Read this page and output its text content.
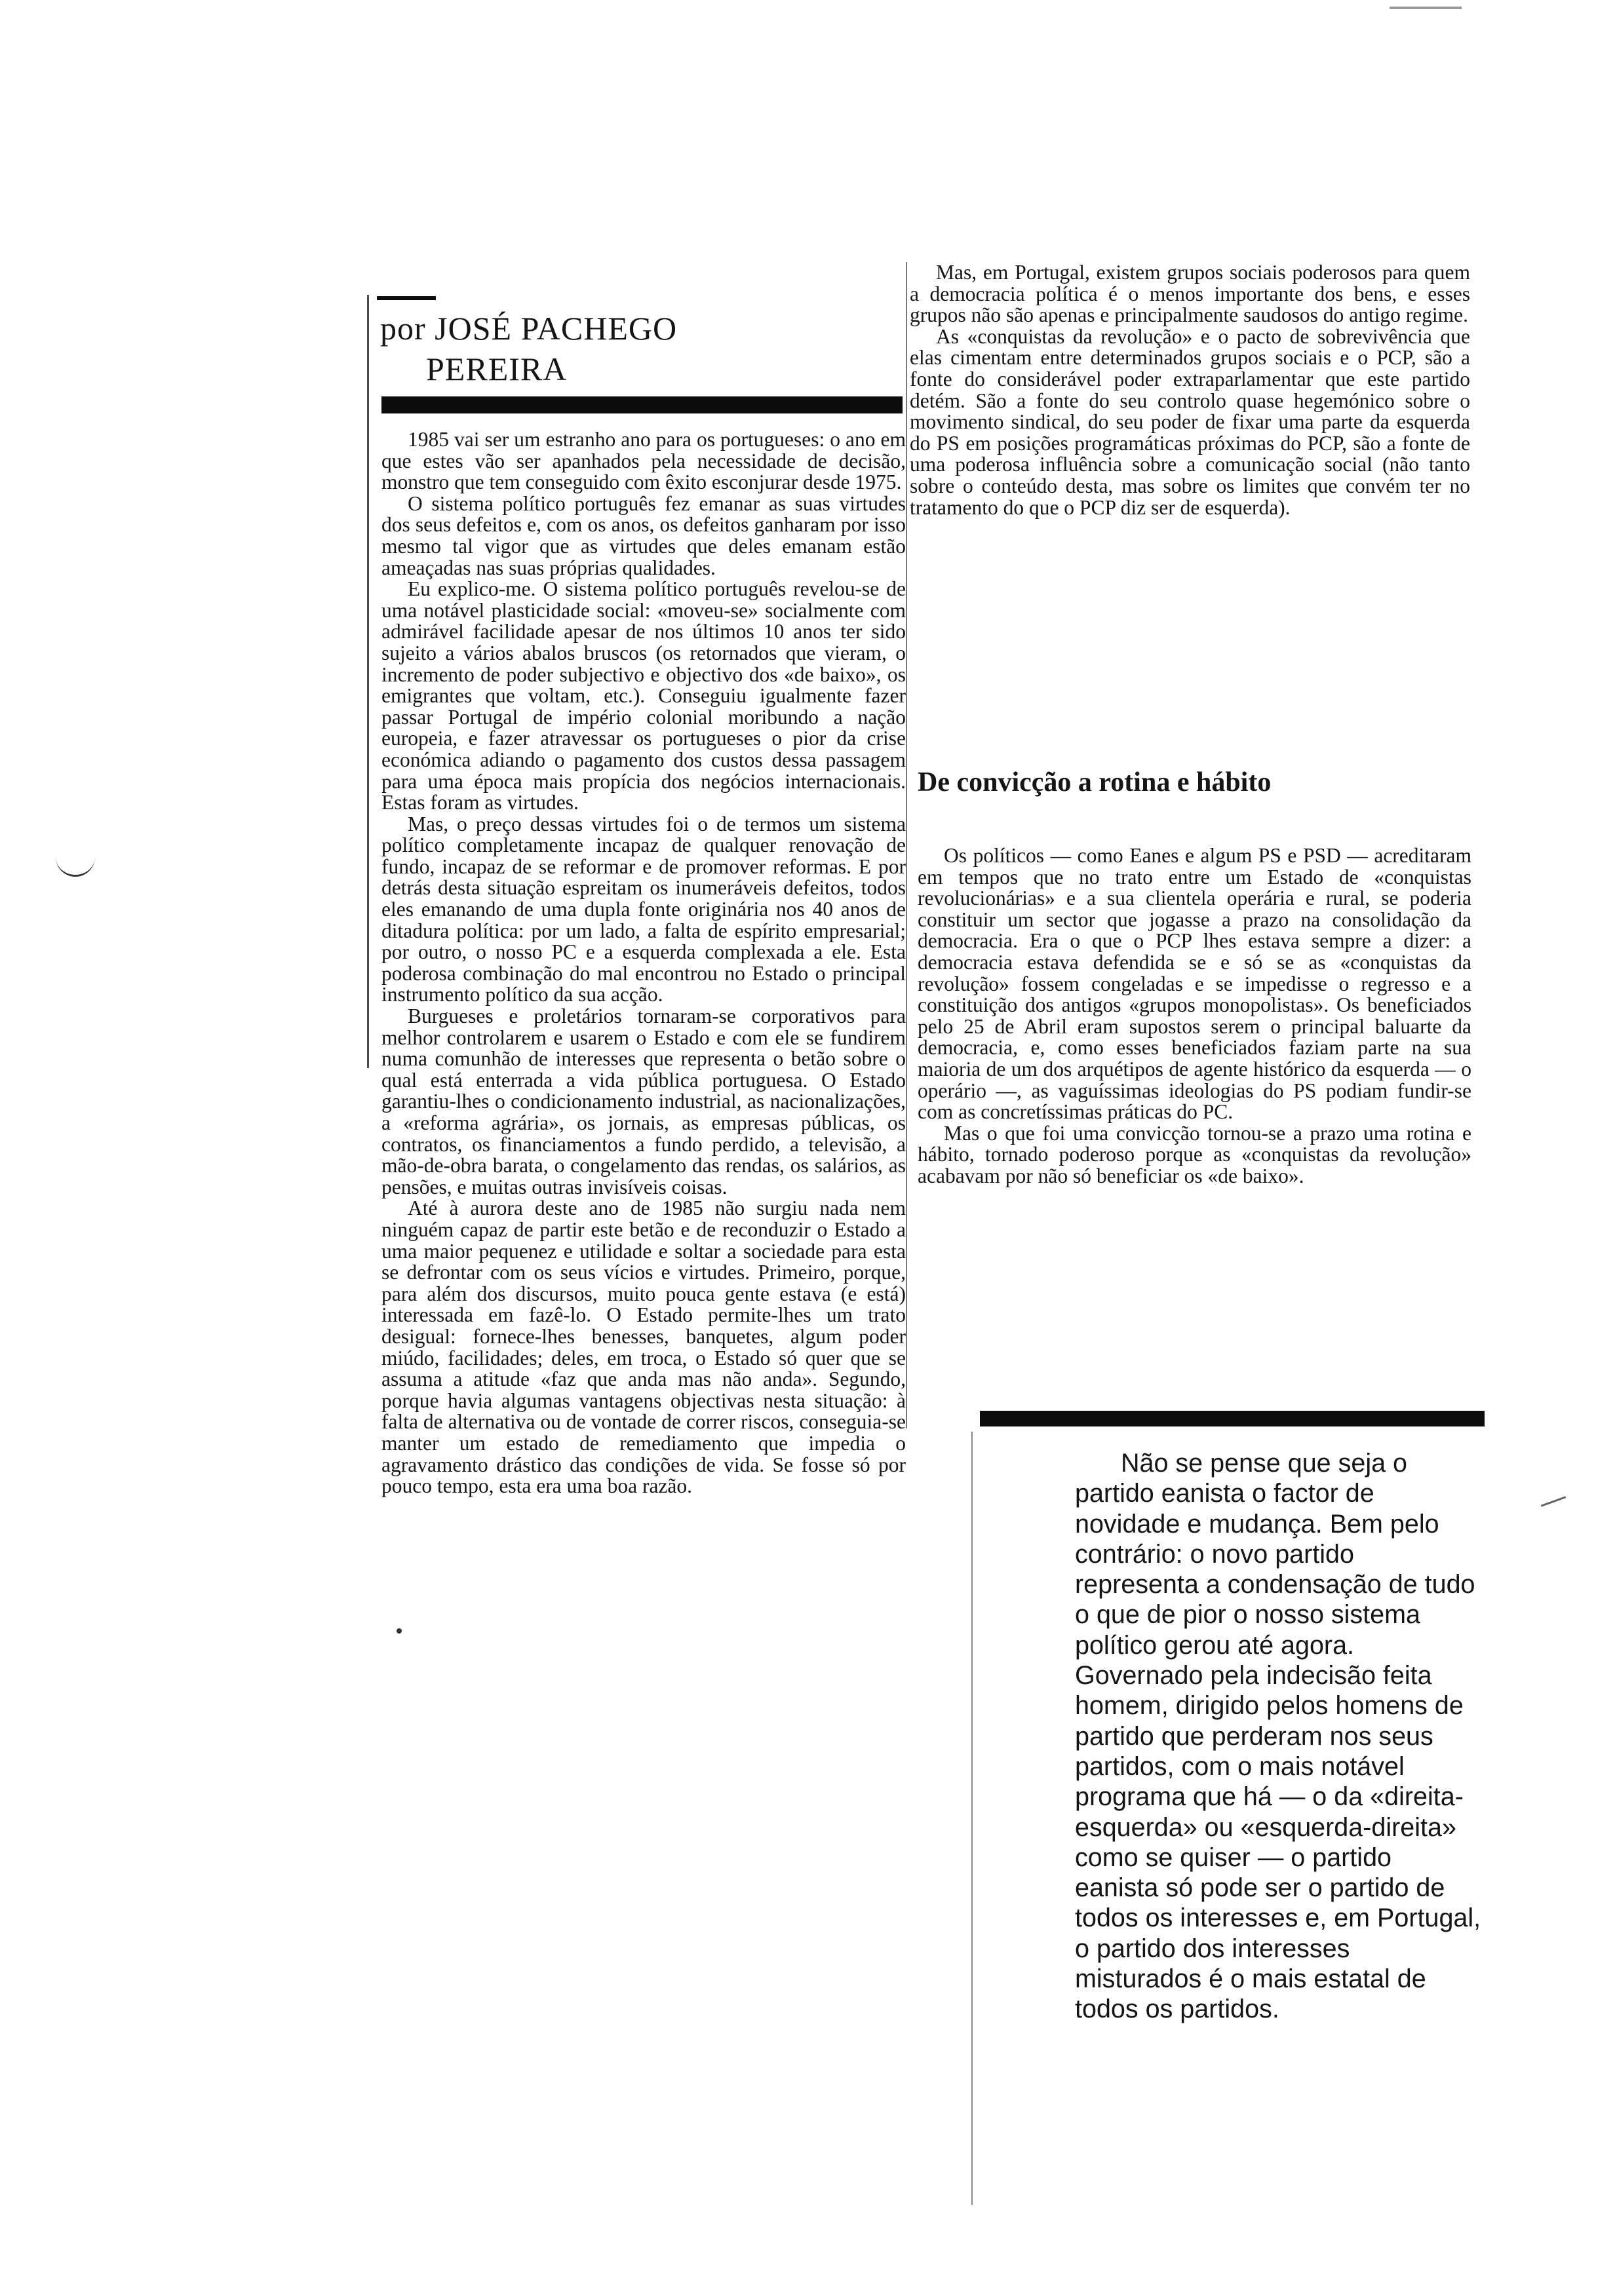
por JOSÉ PACHEGO
PEREIRA

1985 vai ser um estranho ano para os portugueses: o ano em que estes vão ser apanhados pela necessidade de decisão, monstro que tem conseguido com êxito esconjurar desde 1975.

O sistema político português fez emanar as suas virtudes dos seus defeitos e, com os anos, os defeitos ganharam por isso mesmo tal vigor que as virtudes que deles emanam estão ameaçadas nas suas próprias qualidades.

Eu explico-me. O sistema político português revelou-se de uma notável plasticidade social: «moveu-se» socialmente com admirável facilidade apesar de nos últimos 10 anos ter sido sujeito a vários abalos bruscos (os retornados que vieram, o incremento de poder subjectivo e objectivo dos «de baixo», os emigrantes que voltam, etc.). Conseguiu igualmente fazer passar Portugal de império colonial moribundo a nação europeia, e fazer atravessar os portugueses o pior da crise económica adiando o pagamento dos custos dessa passagem para uma época mais propícia dos negócios internacionais. Estas foram as virtudes.

Mas, o preço dessas virtudes foi o de termos um sistema político completamente incapaz de qualquer renovação de fundo, incapaz de se reformar e de promover reformas. E por detrás desta situação espreitam os inumeráveis defeitos, todos eles emanando de uma dupla fonte originária nos 40 anos de ditadura política: por um lado, a falta de espírito empresarial; por outro, o nosso PC e a esquerda complexada a ele. Esta poderosa combinação do mal encontrou no Estado o principal instrumento político da sua acção.

Burgueses e proletários tornaram-se corporativos para melhor controlarem e usarem o Estado e com ele se fundirem numa comunhão de interesses que representa o betão sobre o qual está enterrada a vida pública portuguesa. O Estado garantiu-lhes o condicionamento industrial, as nacionalizações, a «reforma agrária», os jornais, as empresas públicas, os contratos, os financiamentos a fundo perdido, a televisão, a mão-de-obra barata, o congelamento das rendas, os salários, as pensões, e muitas outras invisíveis coisas.

Até à aurora deste ano de 1985 não surgiu nada nem ninguém capaz de partir este betão e de reconduzir o Estado a uma maior pequenez e utilidade e soltar a sociedade para esta se defrontar com os seus vícios e virtudes. Primeiro, porque, para além dos discursos, muito pouca gente estava (e está) interessada em fazê-lo. O Estado permite-lhes um trato desigual: fornece-lhes benesses, banquetes, algum poder miúdo, facilidades; deles, em troca, o Estado só quer que se assuma a atitude «faz que anda mas não anda». Segundo, porque havia algumas vantagens objectivas nesta situação: à falta de alternativa ou de vontade de correr riscos, conseguia-se manter um estado de remediamento que impedia o agravamento drástico das condições de vida. Se fosse só por pouco tempo, esta era uma boa razão.

Mas, em Portugal, existem grupos sociais poderosos para quem a democracia política é o menos importante dos bens, e esses grupos não são apenas e principalmente saudosos do antigo regime.

As «conquistas da revolução» e o pacto de sobrevivência que elas cimentam entre determinados grupos sociais e o PCP, são a fonte do considerável poder extraparlamentar que este partido detém. São a fonte do seu controlo quase hegemónico sobre o movimento sindical, do seu poder de fixar uma parte da esquerda do PS em posições programáticas próximas do PCP, são a fonte de uma poderosa influência sobre a comunicação social (não tanto sobre o conteúdo desta, mas sobre os limites que convém ter no tratamento do que o PCP diz ser de esquerda).

De convicção a rotina e hábito

Os políticos — como Eanes e algum PS e PSD — acreditaram em tempos que no trato entre um Estado de «conquistas revolucionárias» e a sua clientela operária e rural, se poderia constituir um sector que jogasse a prazo na consolidação da democracia. Era o que o PCP lhes estava sempre a dizer: a democracia estava defendida se e só se as «conquistas da revolução» fossem congeladas e se impedisse o regresso e a constituição dos antigos «grupos monopolistas». Os beneficiados pelo 25 de Abril eram supostos serem o principal baluarte da democracia, e, como esses beneficiados faziam parte na sua maioria de um dos arquétipos de agente histórico da esquerda — o operário —, as vaguíssimas ideologias do PS podiam fundir-se com as concretíssimas práticas do PC.

Mas o que foi uma convicção tornou-se a prazo uma rotina e hábito, tornado poderoso porque as «conquistas da revolução» acabavam por não só beneficiar os «de baixo».

Não se pense que seja o partido eanista o factor de novidade e mudança. Bem pelo contrário: o novo partido representa a condensação de tudo o que de pior o nosso sistema político gerou até agora. Governado pela indecisão feita homem, dirigido pelos homens de partido que perderam nos seus partidos, com o mais notável programa que há — o da «direita-esquerda» ou «esquerda-direita» como se quiser — o partido eanista só pode ser o partido de todos os interesses e, em Portugal, o partido dos interesses misturados é o mais estatal de todos os partidos.
